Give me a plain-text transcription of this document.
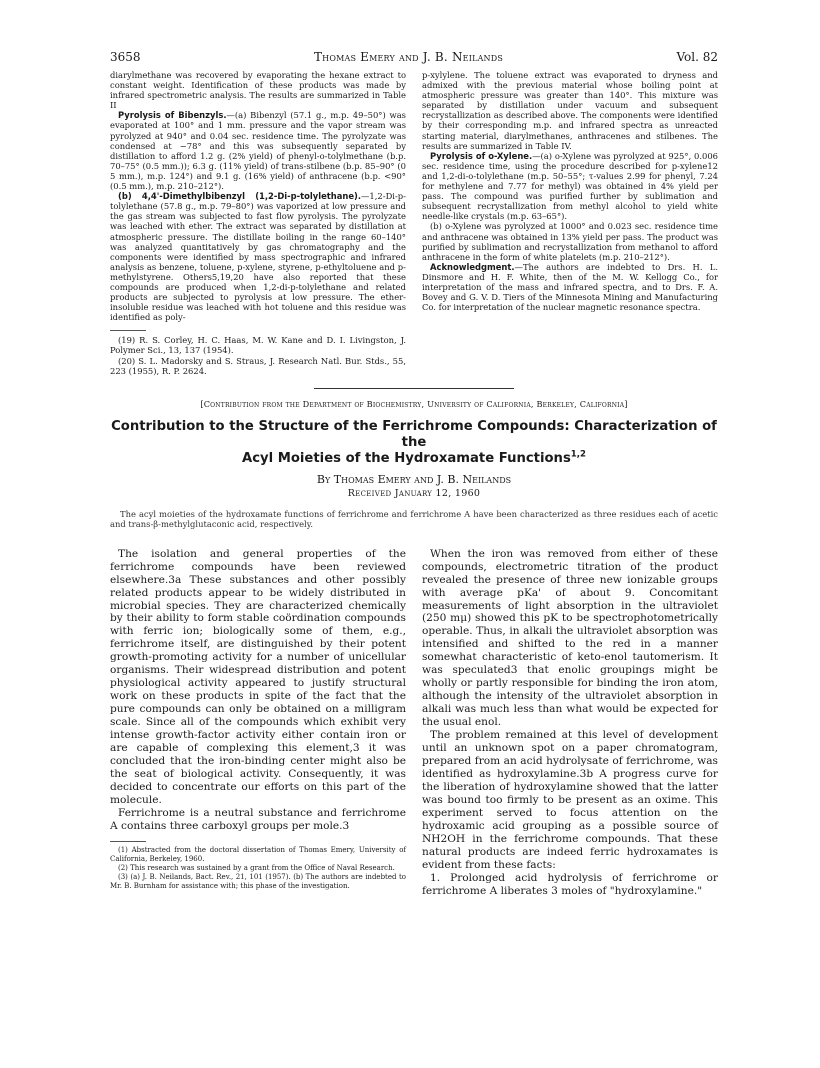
3658	Thomas Emery and J. B. Neilands	Vol. 82

diarylmethane was recovered by evaporating the hexane extract to constant weight. Identification of these products was made by infrared spectrometric analysis. The results are summarized in Table II

Pyrolysis of Bibenzyls.—(a) Bibenzyl (57.1 g., m.p. 49–50°) was evaporated at 100° and 1 mm. pressure and the vapor stream was pyrolyzed at 940° and 0.04 sec. residence time. The pyrolyzate was condensed at −78° and this was subsequently separated by distillation to afford 1.2 g. (2% yield) of phenyl-o-tolylmethane (b.p. 70–75° (0.5 mm.)); 6.3 g. (11% yield) of trans-stilbene (b.p. 85–90° (0 5 mm.), m.p. 124°) and 9.1 g. (16% yield) of anthracene (b.p. <90° (0.5 mm.), m.p. 210–212°).

(b) 4,4'-Dimethylbibenzyl (1,2-Di-p-tolylethane).—1,2-Di-p-tolylethane (57.8 g., m.p. 79–80°) was vaporized at low pressure and the gas stream was subjected to fast flow pyrolysis. The pyrolyzate was leached with ether. The extract was separated by distillation at atmospheric pressure. The distillate boiling in the range 60–140° was analyzed quantitatively by gas chromatography and the components were identified by mass spectrographic and infrared analysis as benzene, toluene, p-xylene, styrene, p-ethyltoluene and p-methylstyrene. Others5,19,20 have also reported that these compounds are produced when 1,2-di-p-tolylethane and related products are subjected to pyrolysis at low pressure. The ether-insoluble residue was leached with hot toluene and this residue was identified as poly-

(19) R. S. Corley, H. C. Haas, M. W. Kane and D. I. Livingston, J. Polymer Sci., 13, 137 (1954).

(20) S. L. Madorsky and S. Straus, J. Research Natl. Bur. Stds., 55, 223 (1955), R. P. 2624.

p-xylylene. The toluene extract was evaporated to dryness and admixed with the previous material whose boiling point at atmospheric pressure was greater than 140°. This mixture was separated by distillation under vacuum and subsequent recrystallization as described above. The components were identified by their corresponding m.p. and infrared spectra as unreacted starting material, diarylmethanes, anthracenes and stilbenes. The results are summarized in Table IV.

Pyrolysis of o-Xylene.—(a) o-Xylene was pyrolyzed at 925°, 0.006 sec. residence time, using the procedure described for p-xylene12 and 1,2-di-o-tolylethane (m.p. 50–55°; τ-values 2.99 for phenyl, 7.24 for methylene and 7.77 for methyl) was obtained in 4% yield per pass. The compound was purified further by sublimation and subsequent recrystallization from methyl alcohol to yield white needle-like crystals (m.p. 63–65°).

(b) o-Xylene was pyrolyzed at 1000° and 0.023 sec. residence time and anthracene was obtained in 13% yield per pass. The product was purified by sublimation and recrystallization from methanol to afford anthracene in the form of white platelets (m.p. 210–212°).

Acknowledgment.—The authors are indebted to Drs. H. L. Dinsmore and H. F. White, then of the M. W. Kellogg Co., for interpretation of the mass and infrared spectra, and to Drs. F. A. Bovey and G. V. D. Tiers of the Minnesota Mining and Manufacturing Co. for interpretation of the nuclear magnetic resonance spectra.

[Contribution from the Department of Biochemistry, University of California, Berkeley, California]
Contribution to the Structure of the Ferrichrome Compounds: Characterization of the
Acyl Moieties of the Hydroxamate Functions$^{1,2}$
By Thomas Emery and J. B. Neilands
Received January 12, 1960

The acyl moieties of the hydroxamate functions of ferrichrome and ferrichrome A have been characterized as three residues each of acetic and trans-β-methylglutaconic acid, respectively.

The isolation and general properties of the ferrichrome compounds have been reviewed elsewhere.3a These substances and other possibly related products appear to be widely distributed in microbial species. They are characterized chemically by their ability to form stable coördination compounds with ferric ion; biologically some of them, e.g., ferrichrome itself, are distinguished by their potent growth-promoting activity for a number of unicellular organisms. Their widespread distribution and potent physiological activity appeared to justify structural work on these products in spite of the fact that the pure compounds can only be obtained on a milligram scale. Since all of the compounds which exhibit very intense growth-factor activity either contain iron or are capable of complexing this element,3 it was concluded that the iron-binding center might also be the seat of biological activity. Consequently, it was decided to concentrate our efforts on this part of the molecule.

Ferrichrome is a neutral substance and ferrichrome A contains three carboxyl groups per mole.3

(1) Abstracted from the doctoral dissertation of Thomas Emery, University of California, Berkeley, 1960.

(2) This research was sustained by a grant from the Office of Naval Research.

(3) (a) J. B. Neilands, Bact. Rev., 21, 101 (1957). (b) The authors are indebted to Mr. B. Burnham for assistance with; this phase of the investigation.

When the iron was removed from either of these compounds, electrometric titration of the product revealed the presence of three new ionizable groups with average pKa' of about 9. Concomitant measurements of light absorption in the ultraviolet (250 mμ) showed this pK to be spectrophotometrically operable. Thus, in alkali the ultraviolet absorption was intensified and shifted to the red in a manner somewhat characteristic of keto-enol tautomerism. It was speculated3 that enolic groupings might be wholly or partly responsible for binding the iron atom, although the intensity of the ultraviolet absorption in alkali was much less than what would be expected for the usual enol.

The problem remained at this level of development until an unknown spot on a paper chromatogram, prepared from an acid hydrolysate of ferrichrome, was identified as hydroxylamine.3b A progress curve for the liberation of hydroxylamine showed that the latter was bound too firmly to be present as an oxime. This experiment served to focus attention on the hydroxamic acid grouping as a possible source of NH2OH in the ferrichrome compounds. That these natural products are indeed ferric hydroxamates is evident from these facts:

1. Prolonged acid hydrolysis of ferrichrome or ferrichrome A liberates 3 moles of "hydroxylamine."
